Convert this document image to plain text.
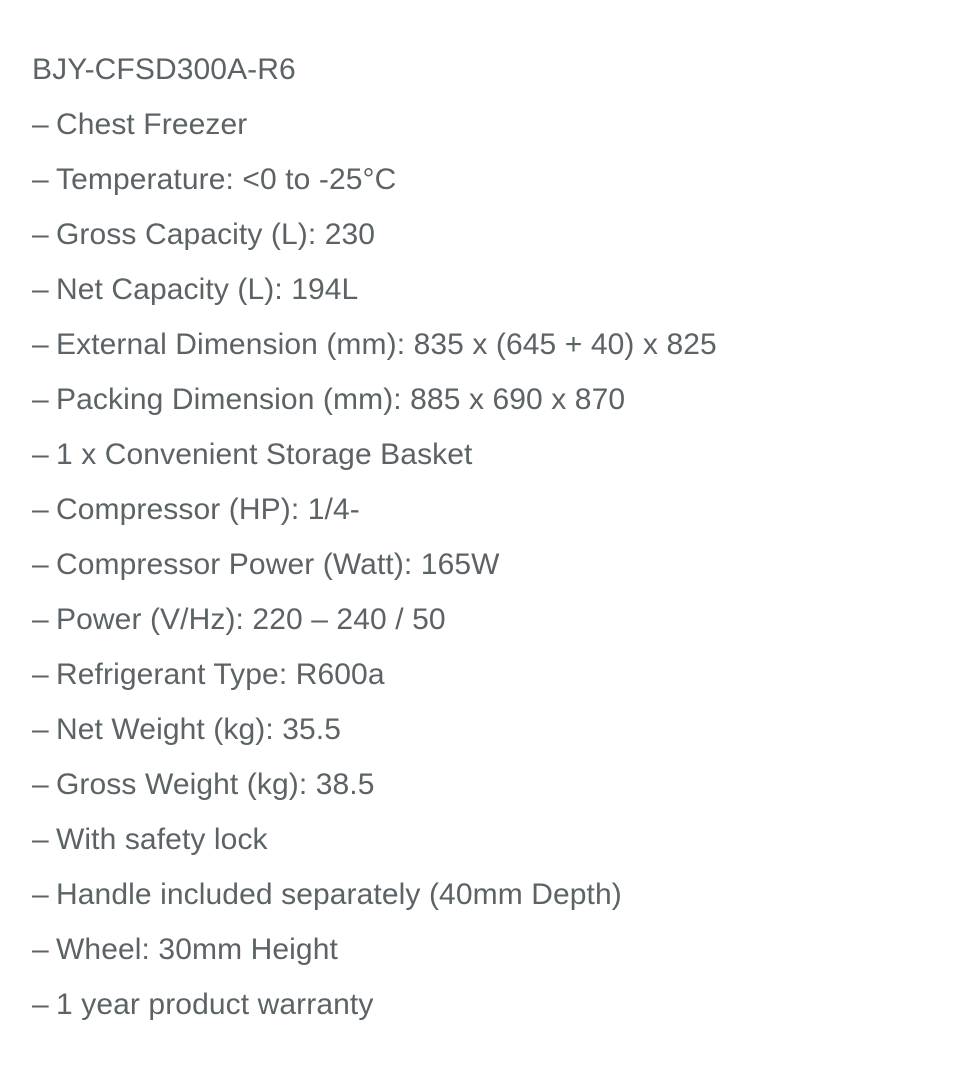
BJY-CFSD300A-R6
– Chest Freezer
– Temperature: <0 to -25°C
– Gross Capacity (L): 230
– Net Capacity (L): 194L
– External Dimension (mm): 835 x (645 + 40) x 825
– Packing Dimension (mm): 885 x 690 x 870
– 1 x Convenient Storage Basket
– Compressor (HP): 1/4-
– Compressor Power (Watt): 165W
– Power (V/Hz): 220 – 240 / 50
– Refrigerant Type: R600a
– Net Weight (kg): 35.5
– Gross Weight (kg): 38.5
– With safety lock
– Handle included separately (40mm Depth)
– Wheel: 30mm Height
– 1 year product warranty
